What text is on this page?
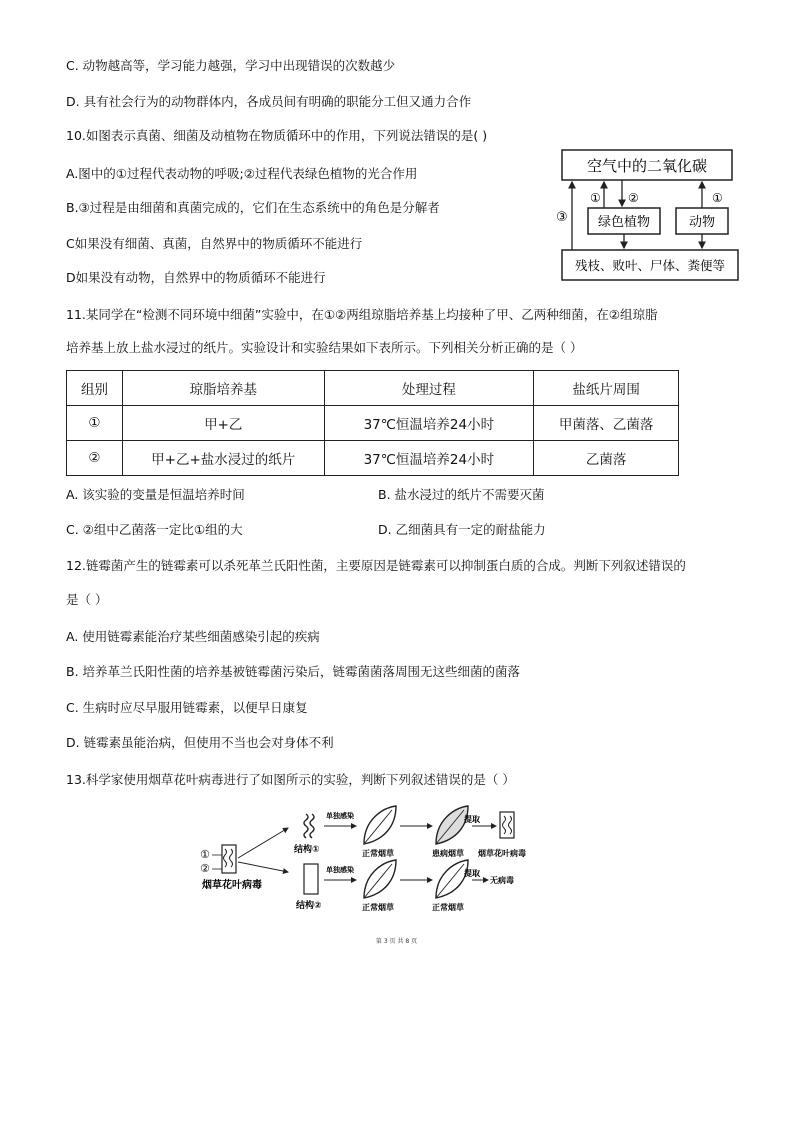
C. 动物越高等，学习能力越强，学习中出现错误的次数越少
D. 具有社会行为的动物群体内，各成员间有明确的职能分工但又通力合作
10.如图表示真菌、细菌及动植物在物质循环中的作用，下列说法错误的是( )
A.图中的①过程代表动物的呼吸;②过程代表绿色植物的光合作用
B.③过程是由细菌和真菌完成的，它们在生态系统中的角色是分解者
C如果没有细菌、真菌，自然界中的物质循环不能进行
D如果没有动物，自然界中的物质循环不能进行
空气中的二氧化碳
绿色植物	动物
残枝、败叶、尸体、粪便等
③
① ②	①
11.某同学在“检测不同环境中细菌”实验中，在①②两组琼脂培养基上均接种了甲、乙两种细菌，在②组琼脂
培养基上放上盐水浸过的纸片。实验设计和实验结果如下表所示。下列相关分析正确的是（ ）
组别	琼脂培养基	处理过程	盐纸片周围
①	甲+乙	37℃恒温培养24小时	甲菌落、乙菌落
②	甲+乙+盐水浸过的纸片	37℃恒温培养24小时	乙菌落
A. 该实验的变量是恒温培养时间	B. 盐水浸过的纸片不需要灭菌
C. ②组中乙菌落一定比①组的大	D. 乙细菌具有一定的耐盐能力
12.链霉菌产生的链霉素可以杀死革兰氏阳性菌，主要原因是链霉素可以抑制蛋白质的合成。判断下列叙述错误的
是（ ）
A. 使用链霉素能治疗某些细菌感染引起的疾病
B. 培养革兰氏阳性菌的培养基被链霉菌污染后，链霉菌菌落周围无这些细菌的菌落
C. 生病时应尽早服用链霉素，以便早日康复
D. 链霉素虽能治病，但使用不当也会对身体不利
13.科学家使用烟草花叶病毒进行了如图所示的实验，判断下列叙述错误的是（ ）
①
②
烟草花叶病毒
结构①
单独感染
正常烟草	患病烟草
提取
烟草花叶病毒
结构②
单独感染
正常烟草	正常烟草
提取
无病毒
第 3 页 共 8 页
